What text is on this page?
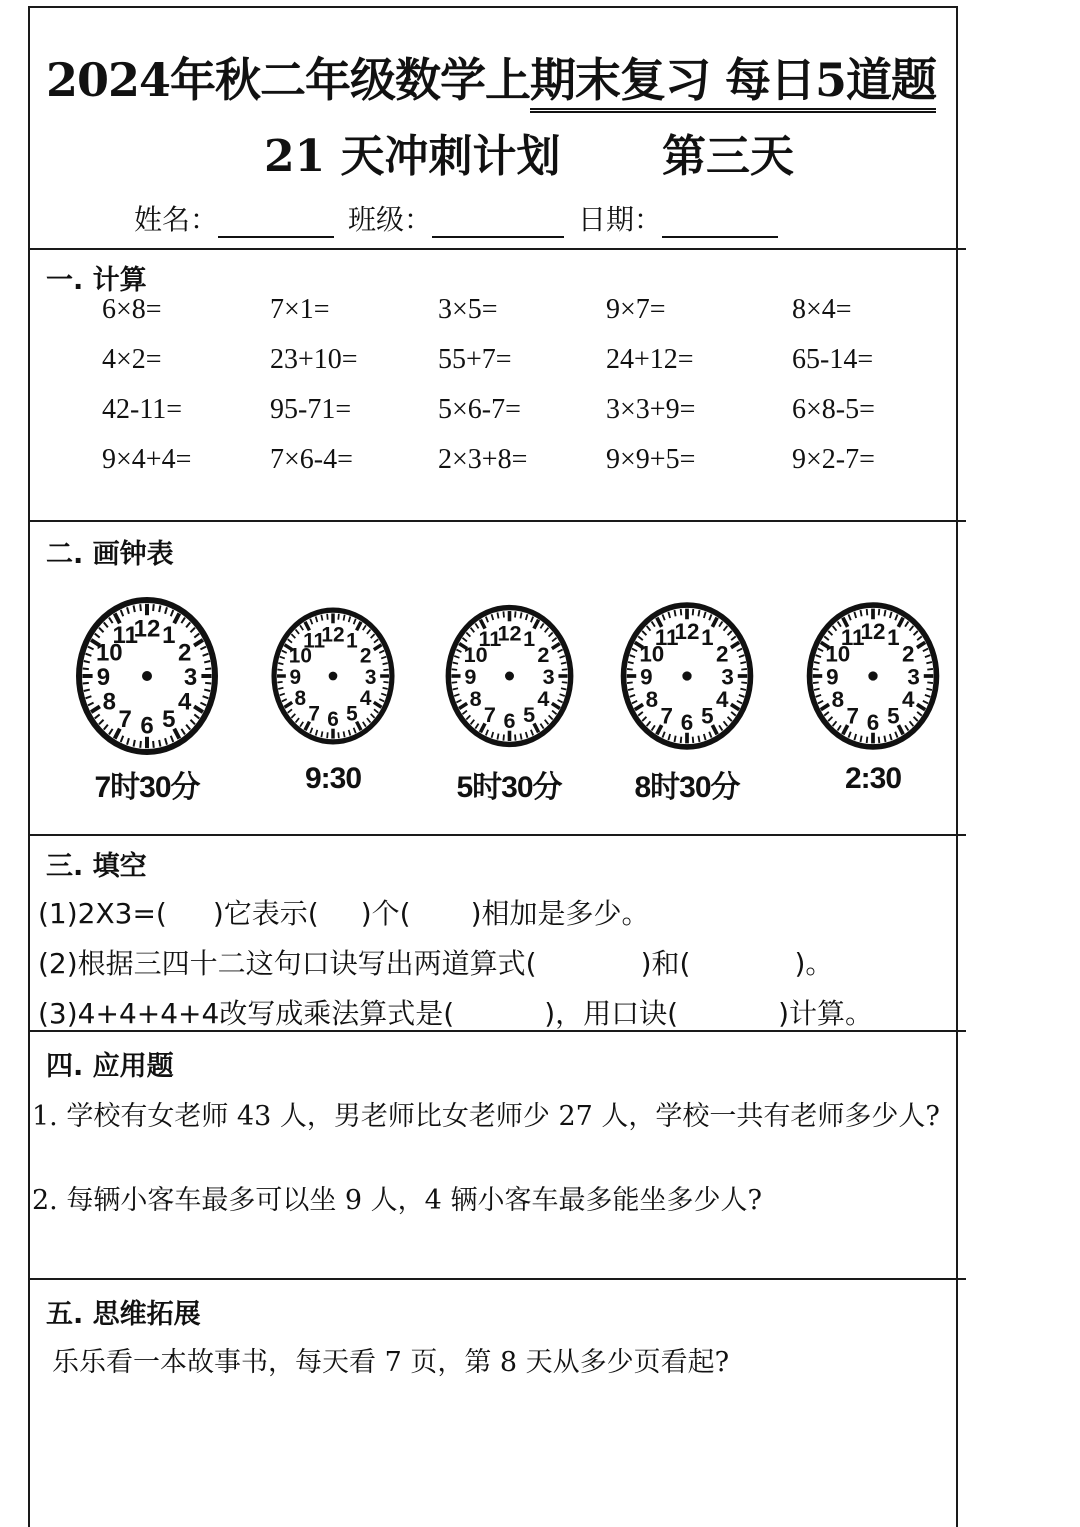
2024年秋二年级数学上期末复习 每日5道题
21 天冲刺计划 第三天
姓名：	班级：	日期：
一. 计算
6×8=	7×1=	3×5=	9×7=	8×4=
4×2=	23+10=	55+7=	24+12=	65-14=
42-11=	95-71=	5×6-7=	3×3+9=	6×8-5=
9×4+4=	7×6-4=	2×3+8=	9×9+5=	9×2-7=
二. 画钟表
12 1
2
3
4
5
6
7
8
9
10
11
7时30分
12 1
2
3
4
5
6
7
8
9
10
11
9:30
12 1
2
3
4
5
6
7
8
9
10
11
5时30分
12 1
2
3
4
5
6
7
8
9
10
11
8时30分
12 1
2
3
4
5
6
7
8
9
10
11
2:30
三. 填空
(1)2X3=( )它表示( )个( )相加是多少。
(2)根据三四十二这句口诀写出两道算式(	)和(	)。
(3)4+4+4+4改写成乘法算式是(	)，用口诀(	)计算。
四. 应用题
1. 学校有女老师 43 人，男老师比女老师少 27 人，学校一共有老师多少人?
2. 每辆小客车最多可以坐 9 人，4 辆小客车最多能坐多少人?
五. 思维拓展
乐乐看一本故事书，每天看 7 页，第 8 天从多少页看起?
